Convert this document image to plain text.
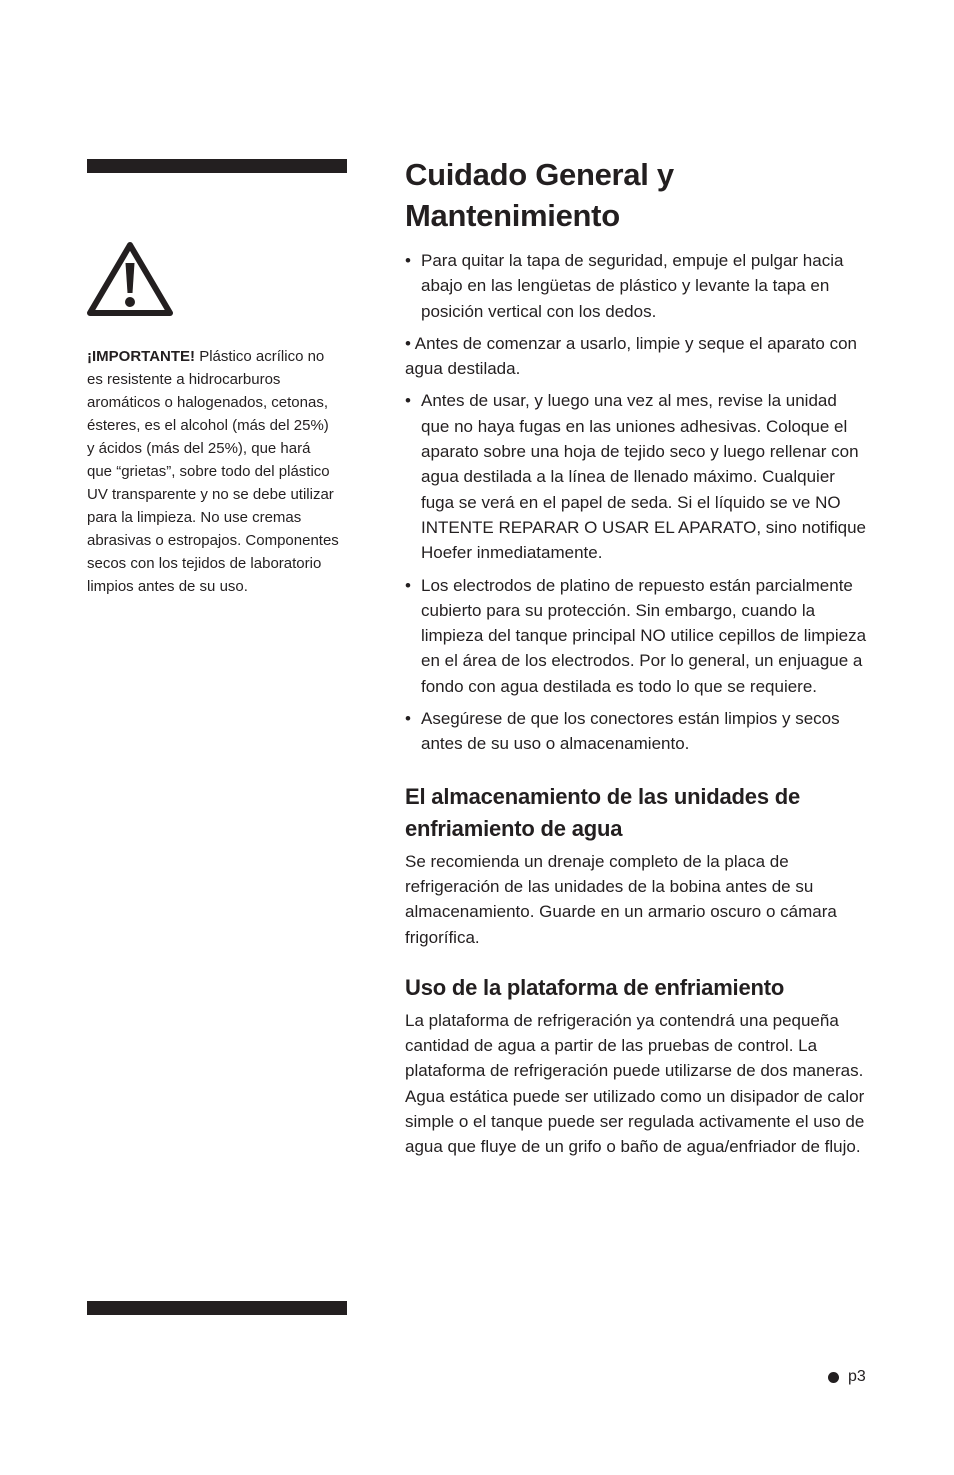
¡IMPORTANTE! Plástico acrílico no es resistente a hidrocarburos aromáticos o halogenados, cetonas, ésteres, es el alcohol (más del 25%) y ácidos (más del 25%), que hará que “grietas”, sobre todo del plástico UV transparente y no se debe utilizar para la limpieza. No use cremas abrasivas o estropajos. Componentes secos con los tejidos de laboratorio limpios antes de su uso.

Cuidado General y Mantenimiento
• Para quitar la tapa de seguridad, empuje el pulgar hacia abajo en las lengüetas de plástico y levante la tapa en posición vertical con los dedos.
• Antes de comenzar a usarlo, limpie y seque el aparato con agua destilada.
• Antes de usar, y luego una vez al mes, revise la unidad que no haya fugas en las uniones adhesivas. Coloque el aparato sobre una hoja de tejido seco y luego rellenar con agua destilada a la línea de llenado máximo. Cualquier fuga se verá en el papel de seda. Si el líquido se ve NO INTENTE REPARAR O USAR EL APARATO, sino notifique Hoefer inmediatamente.
• Los electrodos de platino de repuesto están parcialmente cubierto para su protección. Sin embargo, cuando la limpieza del tanque principal NO utilice cepillos de limpieza en el área de los electrodos. Por lo general, un enjuague a fondo con agua destilada es todo lo que se requiere.
• Asegúrese de que los conectores están limpios y secos antes de su uso o almacenamiento.
El almacenamiento de las unidades de enfriamiento de agua

Se recomienda un drenaje completo de la placa de refrigeración de las unidades de la bobina antes de su almacenamiento. Guarde en un armario oscuro o cámara frigorífica.

Uso de la plataforma de enfriamiento

La plataforma de refrigeración ya contendrá una pequeña cantidad de agua a partir de las pruebas de control. La plataforma de refrigeración puede utilizarse de dos maneras. Agua estática puede ser utilizado como un disipador de calor simple o el tanque puede ser regulada activamente el uso de agua que fluye de un grifo o baño de agua/enfriador de flujo.

p3
